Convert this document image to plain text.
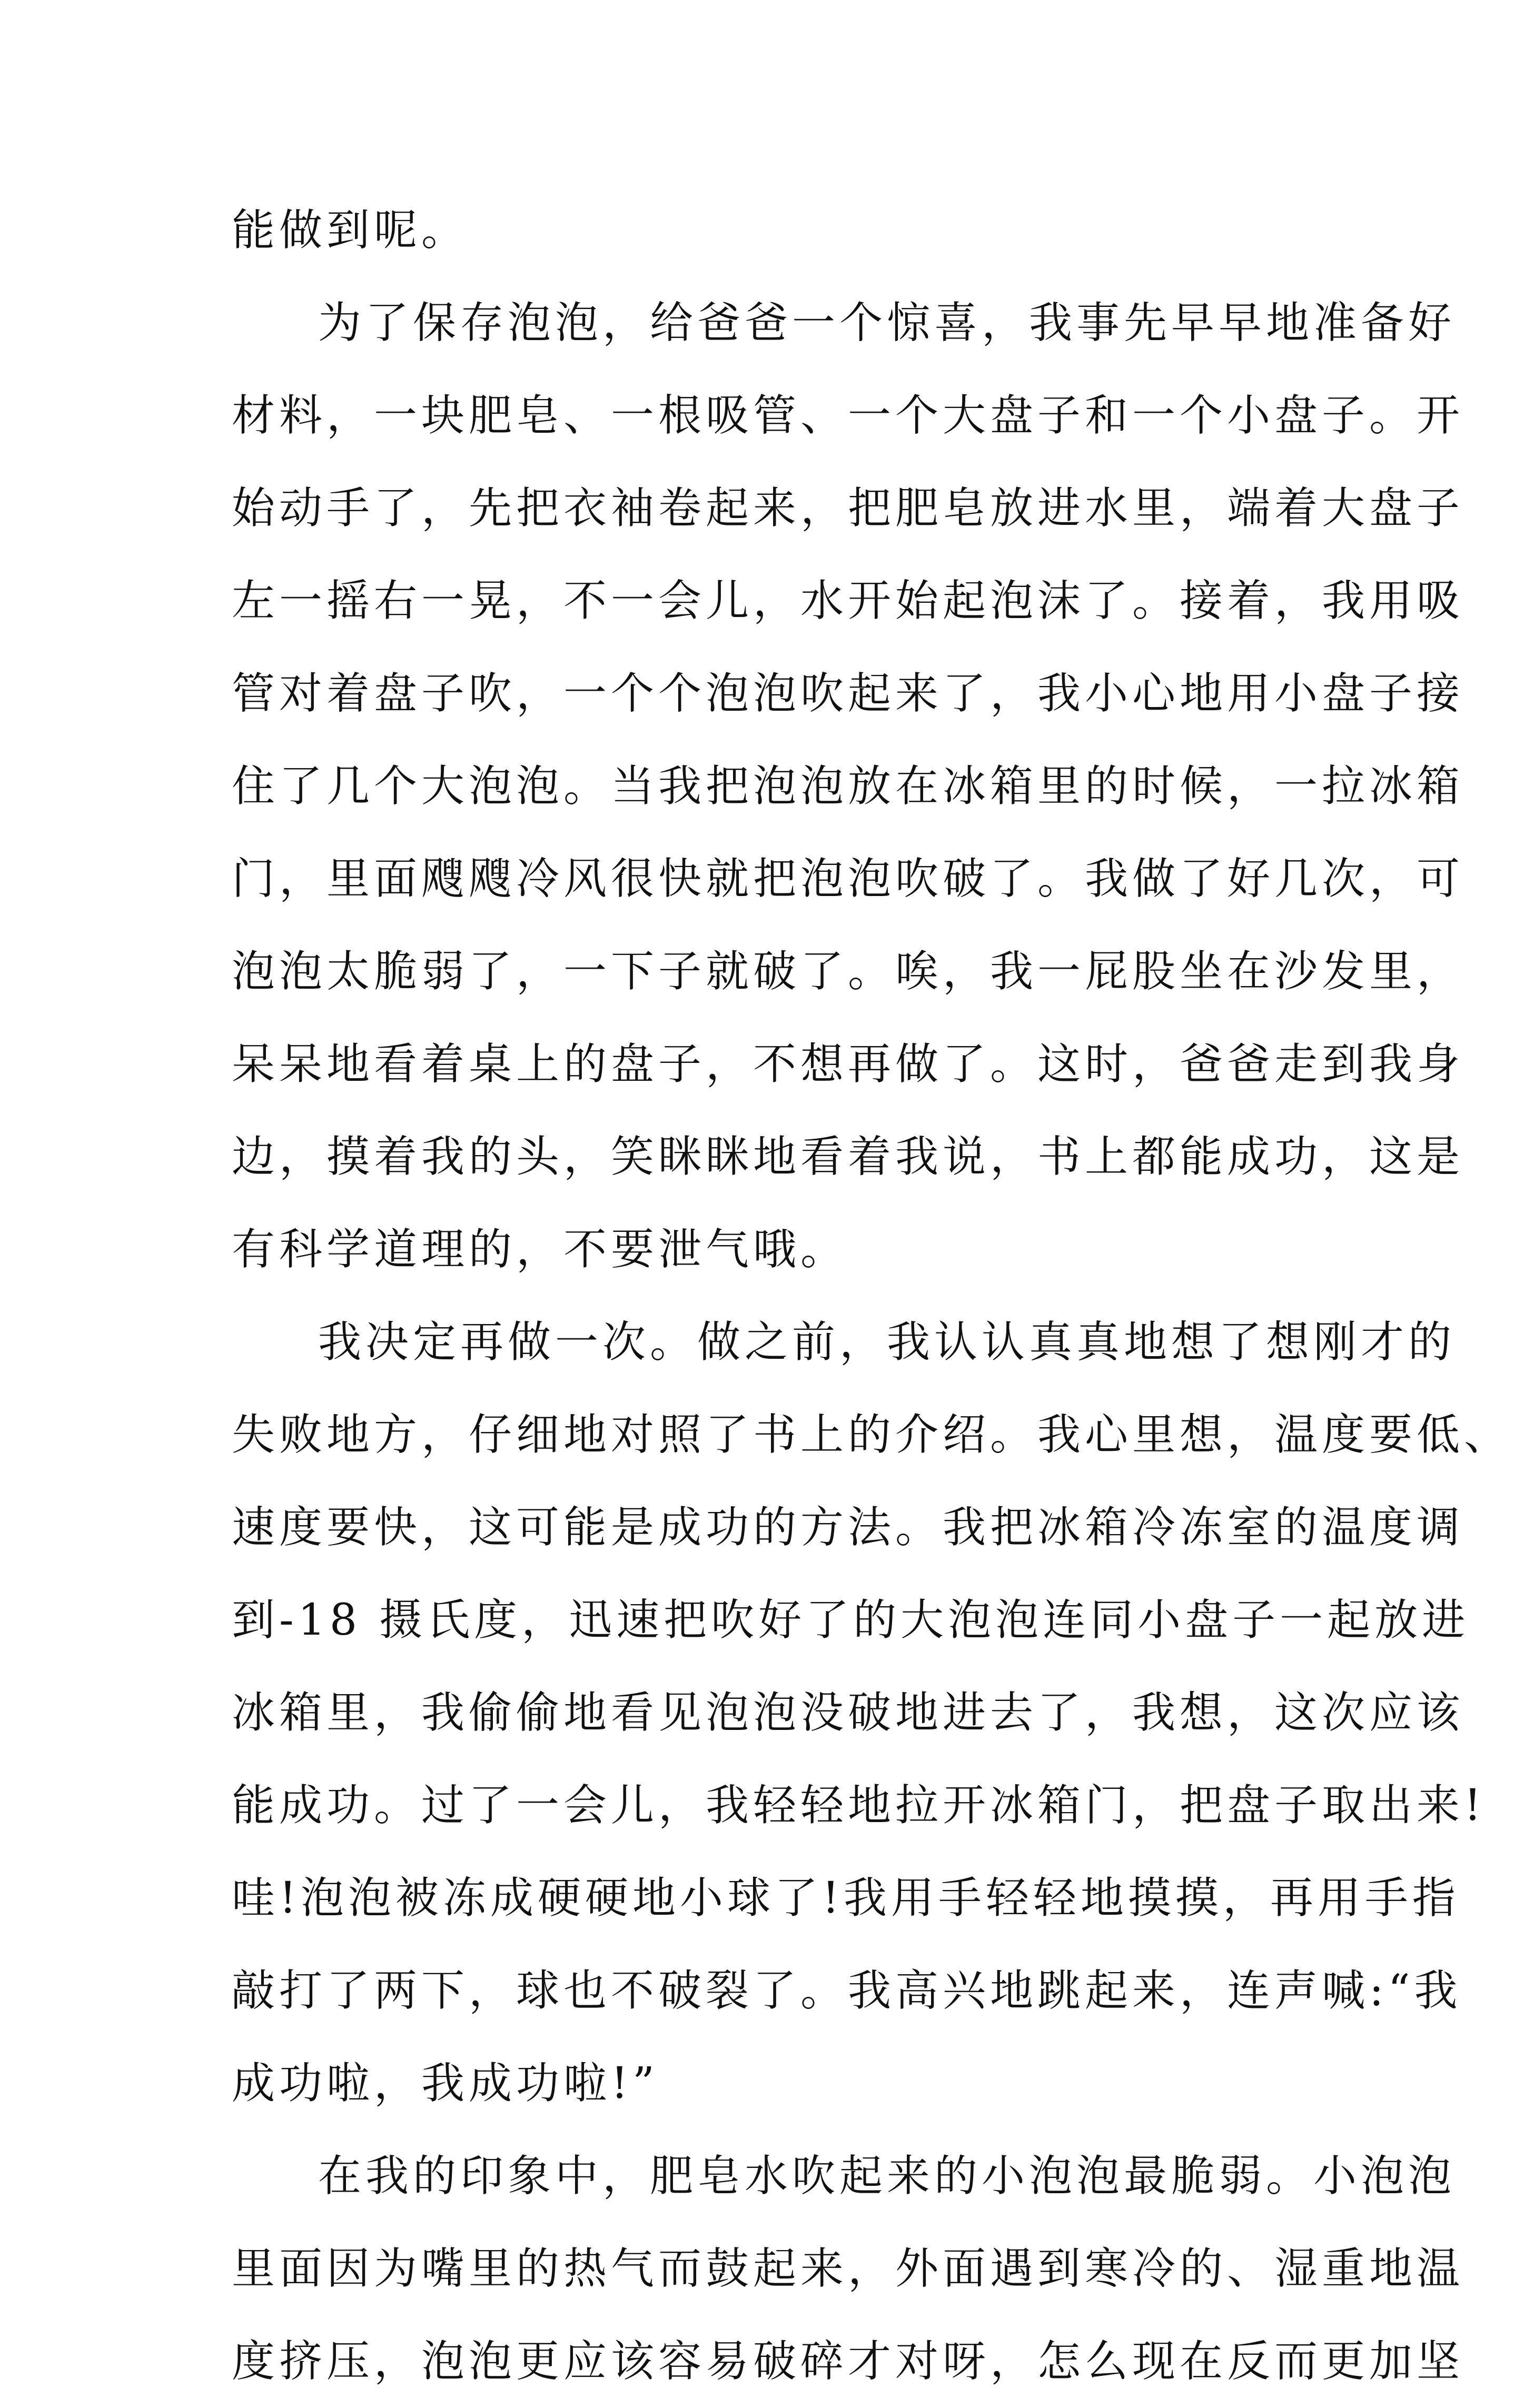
能做到呢。
为了保存泡泡，给爸爸一个惊喜，我事先早早地准备好
材料，一块肥皂、一根吸管、一个大盘子和一个小盘子。开
始动手了，先把衣袖卷起来，把肥皂放进水里，端着大盘子
左一摇右一晃，不一会儿，水开始起泡沫了。接着，我用吸
管对着盘子吹，一个个泡泡吹起来了，我小心地用小盘子接
住了几个大泡泡。当我把泡泡放在冰箱里的时候，一拉冰箱
门，里面飕飕冷风很快就把泡泡吹破了。我做了好几次，可
泡泡太脆弱了，一下子就破了。唉，我一屁股坐在沙发里，
呆呆地看着桌上的盘子，不想再做了。这时，爸爸走到我身
边，摸着我的头，笑眯眯地看着我说，书上都能成功，这是
有科学道理的，不要泄气哦。
我决定再做一次。做之前，我认认真真地想了想刚才的
失败地方，仔细地对照了书上的介绍。我心里想，温度要低、
速度要快，这可能是成功的方法。我把冰箱冷冻室的温度调
到-18 摄氏度，迅速把吹好了的大泡泡连同小盘子一起放进
冰箱里，我偷偷地看见泡泡没破地进去了，我想，这次应该
能成功。过了一会儿，我轻轻地拉开冰箱门，把盘子取出来!
哇!泡泡被冻成硬硬地小球了!我用手轻轻地摸摸，再用手指
敲打了两下，球也不破裂了。我高兴地跳起来，连声喊:“我
成功啦，我成功啦!”
在我的印象中，肥皂水吹起来的小泡泡最脆弱。小泡泡
里面因为嘴里的热气而鼓起来，外面遇到寒冷的、湿重地温
度挤压，泡泡更应该容易破碎才对呀，怎么现在反而更加坚
